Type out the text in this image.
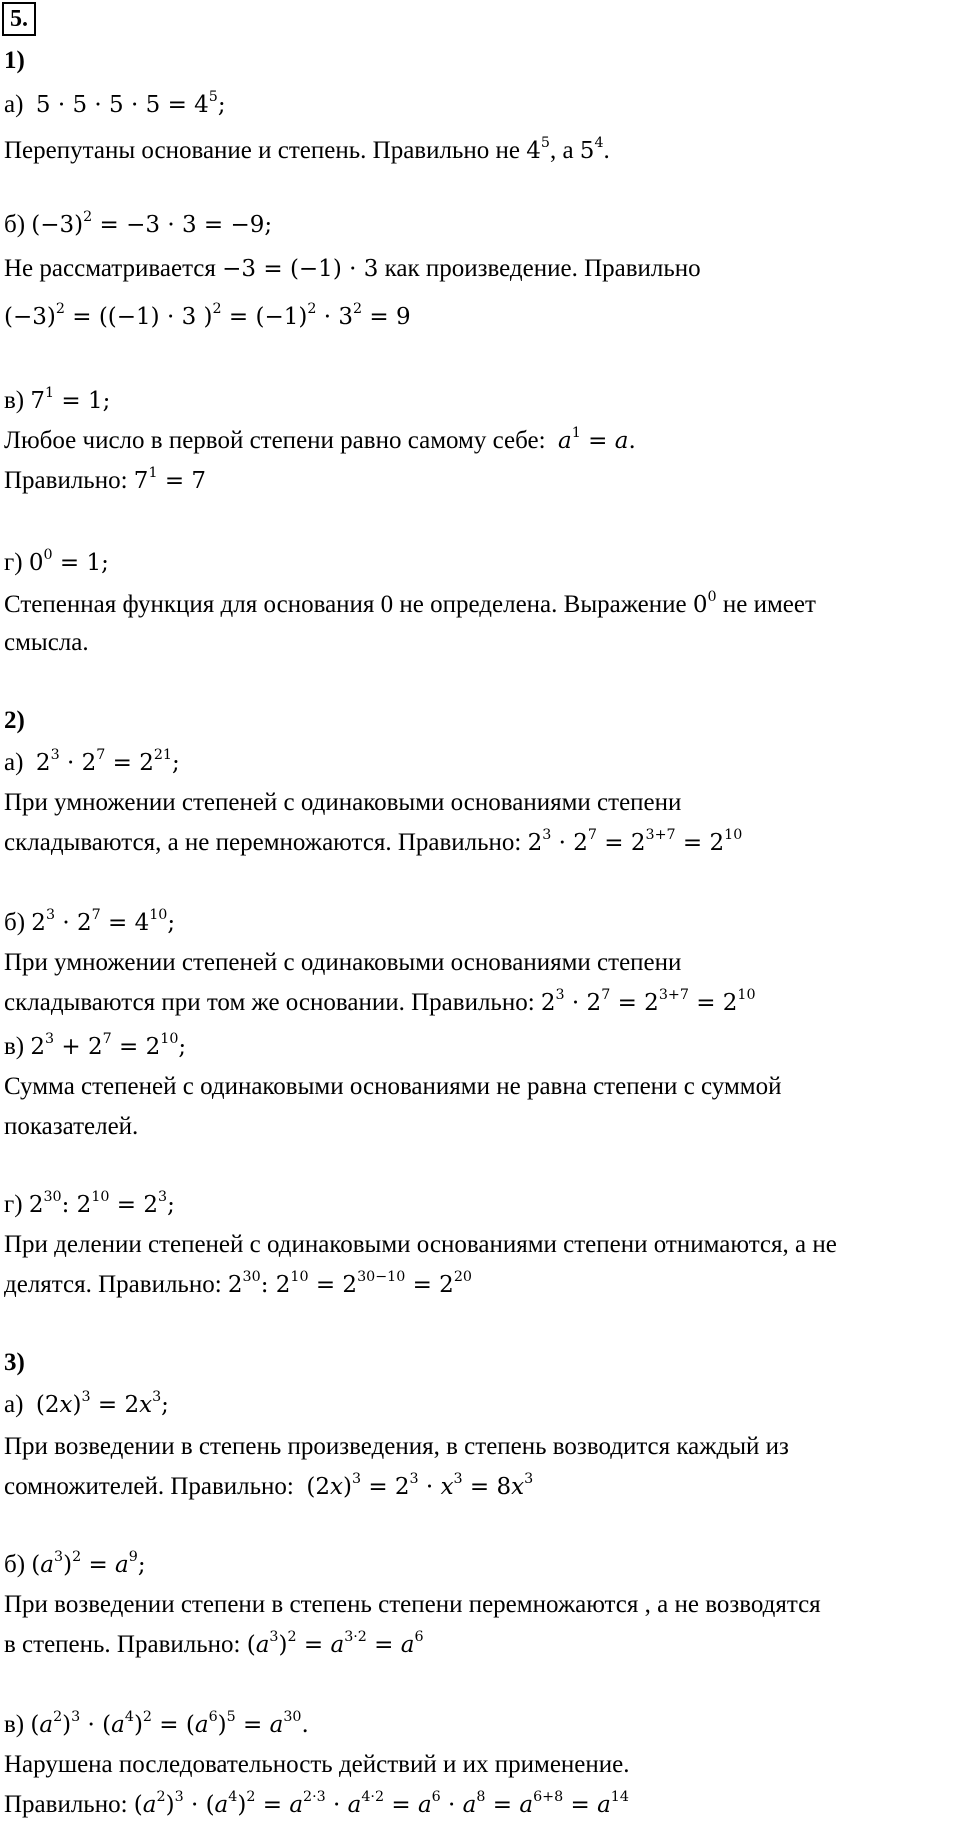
5.
1)
2)
3)
а)  $5 \cdot 5 \cdot 5 \cdot 5 = 4^5$;
Перепутаны основание и степень. Правильно не $4^5$, а $5^4$.
б) $(-3)^2 = -3 \cdot 3 = -9$;
Не рассматривается −3 = (−1) · 3 как произведение. Правильно
$(-3)^2 = ((-1) \cdot 3$ )$^2 = (-1)^2 \cdot 3^2 = 9$
в) $7^1 = 1$;
Любое число в первой степени равно самому себе:  $a^1 = a$.
Правильно: $7^1 = 7$
г) $0^0 = 1$;
Степенная функция для основания 0 не определена. Выражение $0^0$ не имеет
смысла.
а)  $2^3 \cdot 2^7 = 2^{21}$;
При умножении степеней с одинаковыми основаниями степени
складываются, а не перемножаются. Правильно: $2^3 \cdot 2^7 = 2^{3+7} = 2^{10}$
б) $2^3 \cdot 2^7 = 4^{10}$;
При умножении степеней с одинаковыми основаниями степени
складываются при том же основании. Правильно: $2^3 \cdot 2^7 = 2^{3+7} = 2^{10}$
в) $2^3 + 2^7 = 2^{10}$;
Сумма степеней с одинаковыми основаниями не равна степени с суммой
показателей.
г) $2^{30}$: $2^{10} = 2^3$;
При делении степеней с одинаковыми основаниями степени отнимаются, а не
делятся. Правильно: $2^{30}$: $2^{10} = 2^{30-10} = 2^{20}$
а)  $(2x)^3 = 2x^3$;
При возведении в степень произведения, в степень возводится каждый из
сомножителей. Правильно:  $(2x)^3 = 2^3 \cdot x^3 = 8x^3$
б) $(a^3)^2 = a^9$;
При возведении степени в степень степени перемножаются , а не возводятся
в степень. Правильно: $(a^3)^2 = a^{3\cdot 2} = a^6$
в) $(a^2)^3 \cdot (a^4)^2 = (a^6)^5 = a^{30}$.
Нарушена последовательность действий и их применение.
Правильно: $(a^2)^3 \cdot (a^4)^2 = a^{2\cdot 3} \cdot a^{4\cdot 2} = a^6 \cdot a^8 = a^{6+8} = a^{14}$
